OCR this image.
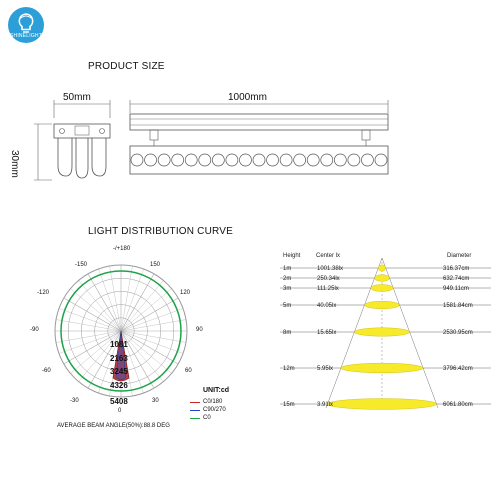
SHINELIGHT
PRODUCT SIZE
50mm	1000mm
30mm
LIGHT DISTRIBUTION CURVE
-/+180
150
-150
120
-120
90
-90
60
-60
30
-30
0
1081
2163
3245
4326
5408
UNIT:cd
C0/180
C90/270
C0
AVERAGE BEAM ANGLE(50%):88.8 DEG
Height	Center lx	Diameter
1m	1001.38lx	316.37cm
2m	250.34lx	632.74cm
3m	111.25lx	949.11cm
5m	40.05lx	1581.84cm
8m	15.65lx	2530.95cm
12m	5.95lx	3796.42cm
15m	3.91lx	6061.80cm
